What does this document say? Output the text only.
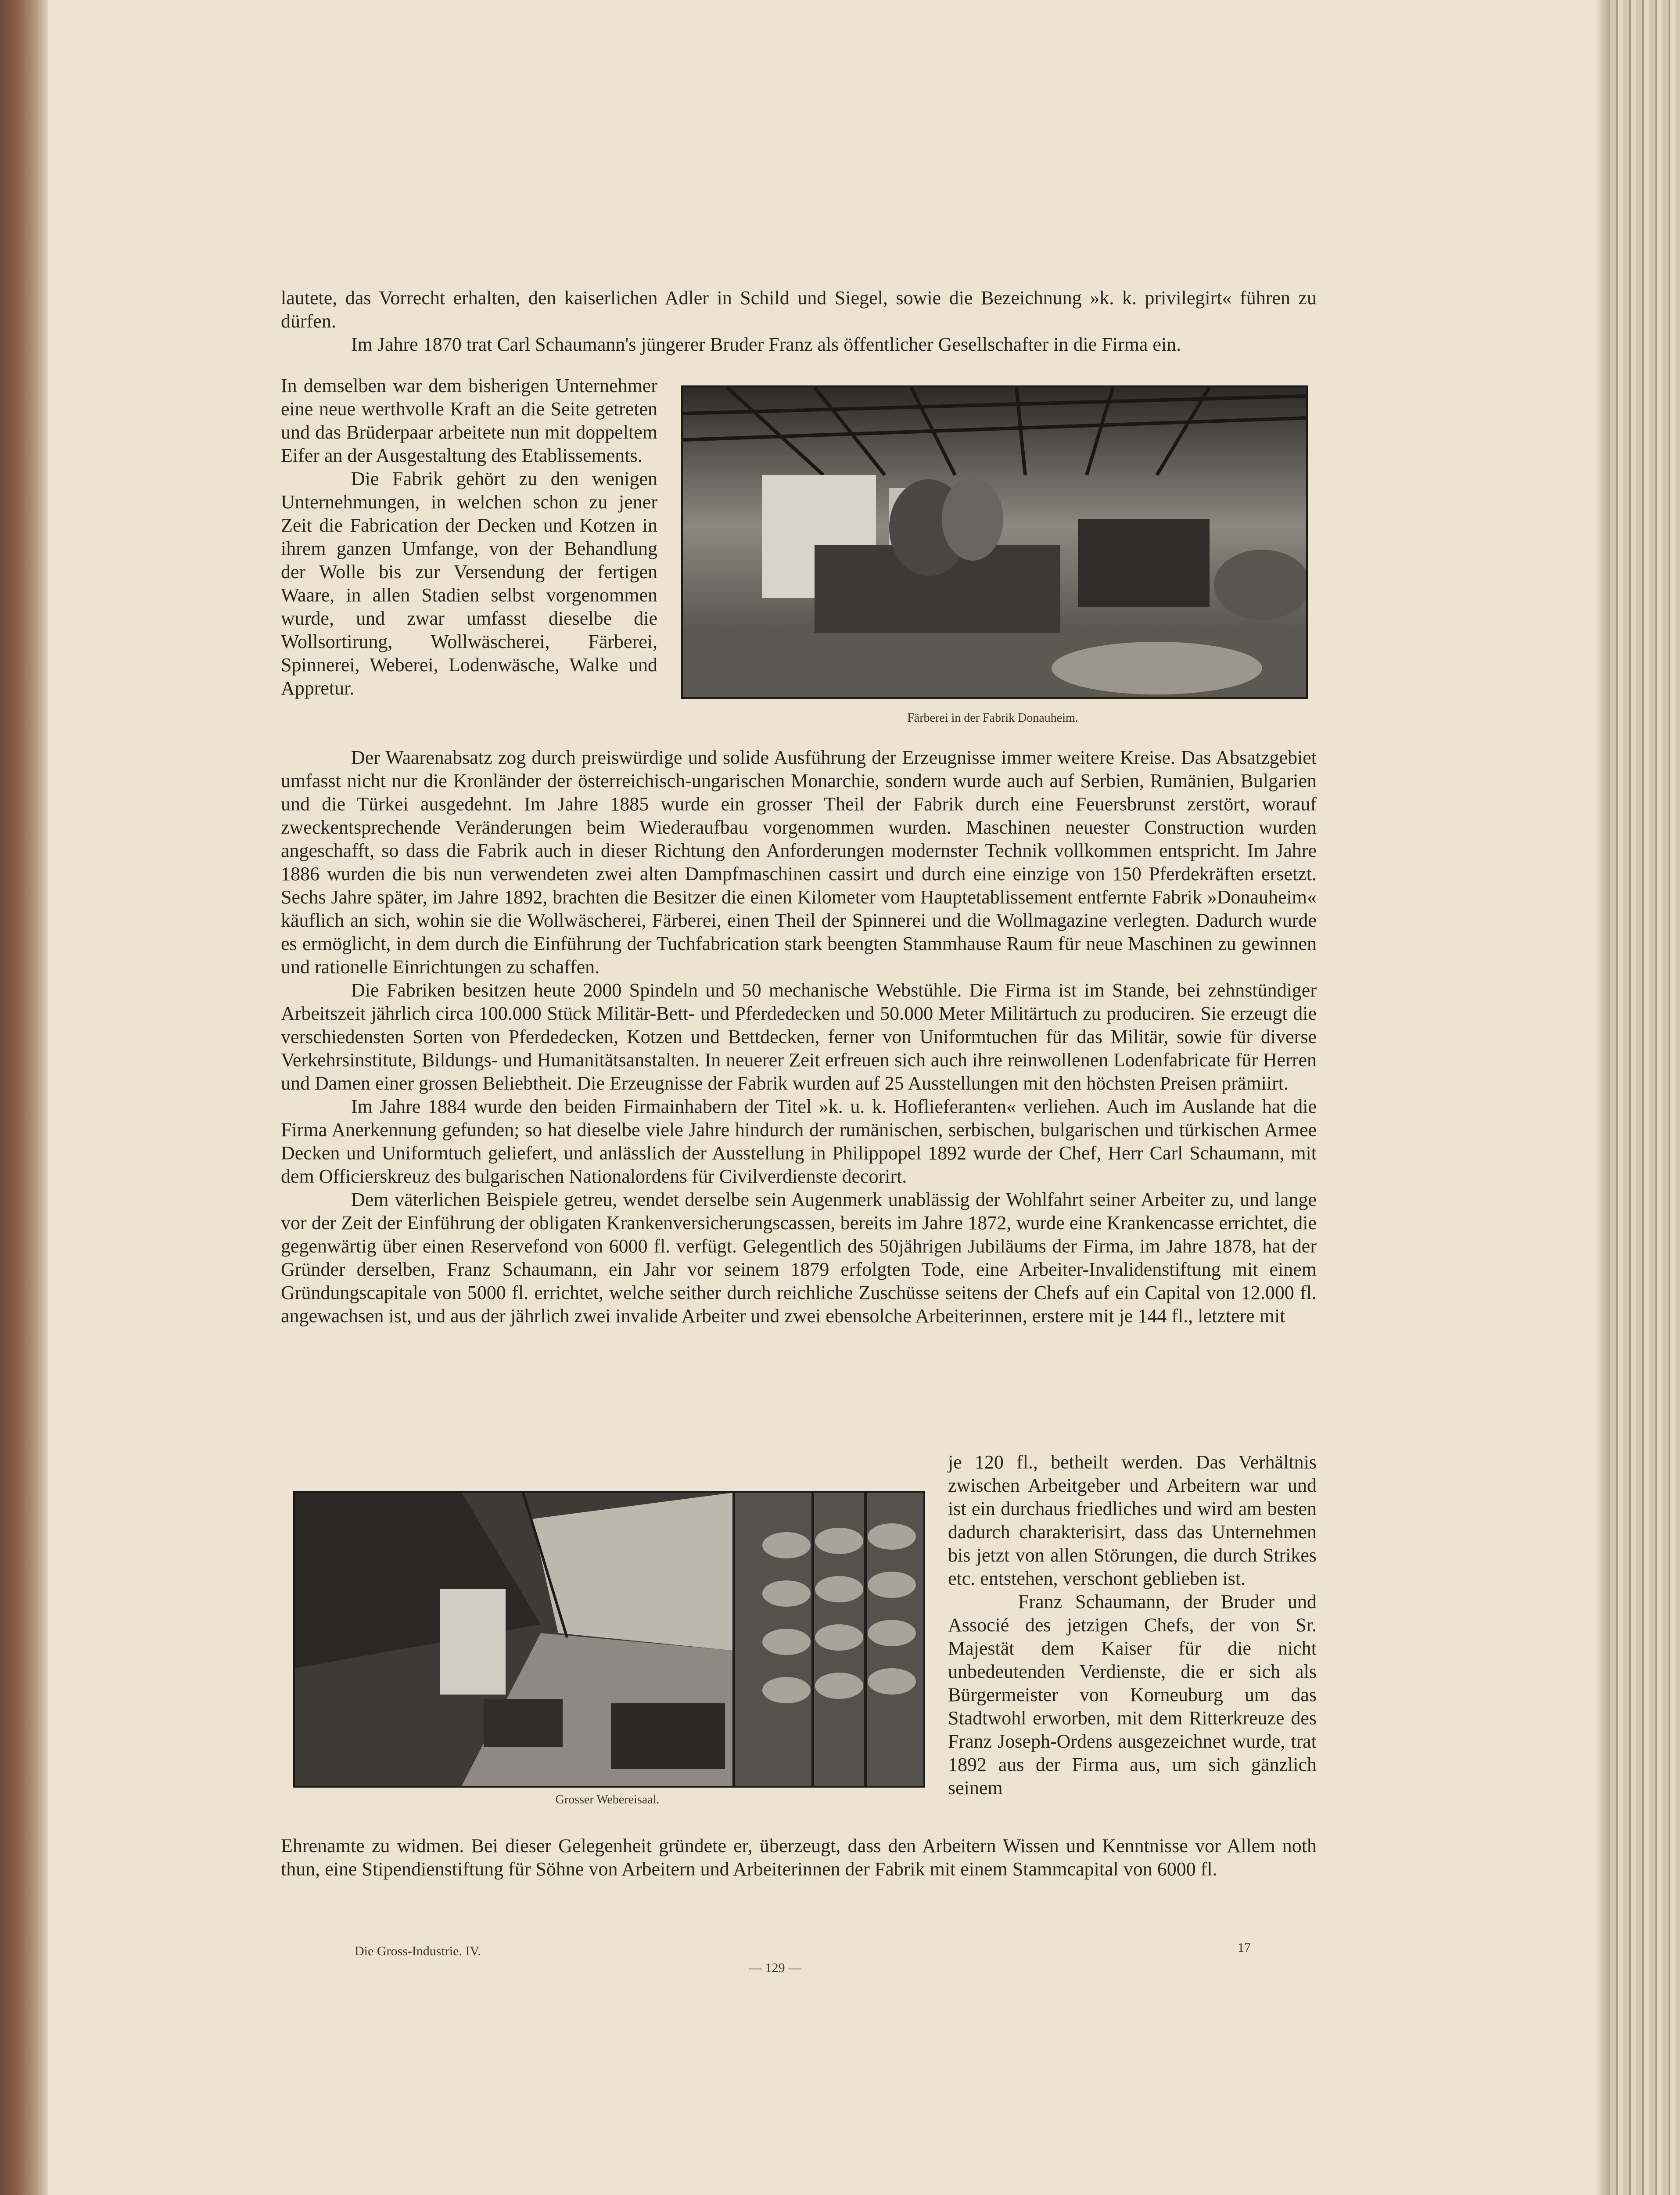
lautete, das Vorrecht erhalten, den kaiserlichen Adler in Schild und Siegel, sowie die Bezeichnung »k. k. privilegirt« führen zu dürfen.

Im Jahre 1870 trat Carl Schaumann's jüngerer Bruder Franz als öffentlicher Gesellschafter in die Firma ein.

In demselben war dem bisherigen Unternehmer eine neue werthvolle Kraft an die Seite getreten und das Brüderpaar arbeitete nun mit doppeltem Eifer an der Ausgestaltung des Etablissements.

Die Fabrik gehört zu den wenigen Unternehmungen, in welchen schon zu jener Zeit die Fabrication der Decken und Kotzen in ihrem ganzen Umfange, von der Behandlung der Wolle bis zur Versendung der fertigen Waare, in allen Stadien selbst vorgenommen wurde, und zwar umfasst dieselbe die Wollsortirung, Wollwäscherei, Färberei, Spinnerei, Weberei, Lodenwäsche, Walke und Appretur.

Färberei in der Fabrik Donauheim.

Der Waarenabsatz zog durch preiswürdige und solide Ausführung der Erzeugnisse immer weitere Kreise. Das Absatzgebiet umfasst nicht nur die Kronländer der österreichisch-ungarischen Monarchie, sondern wurde auch auf Serbien, Rumänien, Bulgarien und die Türkei ausgedehnt. Im Jahre 1885 wurde ein grosser Theil der Fabrik durch eine Feuersbrunst zerstört, worauf zweckentsprechende Veränderungen beim Wiederaufbau vorgenommen wurden. Maschinen neuester Construction wurden angeschafft, so dass die Fabrik auch in dieser Richtung den Anforderungen modernster Technik vollkommen entspricht. Im Jahre 1886 wurden die bis nun verwendeten zwei alten Dampfmaschinen cassirt und durch eine einzige von 150 Pferdekräften ersetzt. Sechs Jahre später, im Jahre 1892, brachten die Besitzer die einen Kilometer vom Hauptetablissement entfernte Fabrik »Donauheim« käuflich an sich, wohin sie die Wollwäscherei, Färberei, einen Theil der Spinnerei und die Wollmagazine verlegten. Dadurch wurde es ermöglicht, in dem durch die Einführung der Tuchfabrication stark beengten Stammhause Raum für neue Maschinen zu gewinnen und rationelle Einrichtungen zu schaffen.

Die Fabriken besitzen heute 2000 Spindeln und 50 mechanische Webstühle. Die Firma ist im Stande, bei zehnstündiger Arbeitszeit jährlich circa 100.000 Stück Militär-Bett- und Pferdedecken und 50.000 Meter Militärtuch zu produciren. Sie erzeugt die verschiedensten Sorten von Pferdedecken, Kotzen und Bettdecken, ferner von Uniformtuchen für das Militär, sowie für diverse Verkehrsinstitute, Bildungs- und Humanitätsanstalten. In neuerer Zeit erfreuen sich auch ihre reinwollenen Lodenfabricate für Herren und Damen einer grossen Beliebtheit. Die Erzeugnisse der Fabrik wurden auf 25 Ausstellungen mit den höchsten Preisen prämiirt.

Im Jahre 1884 wurde den beiden Firmainhabern der Titel »k. u. k. Hoflieferanten« verliehen. Auch im Auslande hat die Firma Anerkennung gefunden; so hat dieselbe viele Jahre hindurch der rumänischen, serbischen, bulgarischen und türkischen Armee Decken und Uniformtuch geliefert, und anlässlich der Ausstellung in Philippopel 1892 wurde der Chef, Herr Carl Schaumann, mit dem Officierskreuz des bulgarischen Nationalordens für Civilverdienste decorirt.

Dem väterlichen Beispiele getreu, wendet derselbe sein Augenmerk unablässig der Wohlfahrt seiner Arbeiter zu, und lange vor der Zeit der Einführung der obligaten Krankenversicherungscassen, bereits im Jahre 1872, wurde eine Krankencasse errichtet, die gegenwärtig über einen Reservefond von 6000 fl. verfügt. Gelegentlich des 50jährigen Jubiläums der Firma, im Jahre 1878, hat der Gründer derselben, Franz Schaumann, ein Jahr vor seinem 1879 erfolgten Tode, eine Arbeiter-Invalidenstiftung mit einem Gründungscapitale von 5000 fl. errichtet, welche seither durch reichliche Zuschüsse seitens der Chefs auf ein Capital von 12.000 fl. angewachsen ist, und aus der jährlich zwei invalide Arbeiter und zwei ebensolche Arbeiterinnen, erstere mit je 144 fl., letztere mit

Grosser Webereisaal.

je 120 fl., betheilt werden. Das Verhältnis zwischen Arbeitgeber und Arbeitern war und ist ein durchaus friedliches und wird am besten dadurch charakterisirt, dass das Unternehmen bis jetzt von allen Störungen, die durch Strikes etc. entstehen, verschont geblieben ist.

Franz Schaumann, der Bruder und Associé des jetzigen Chefs, der von Sr. Majestät dem Kaiser für die nicht unbedeutenden Verdienste, die er sich als Bürgermeister von Korneuburg um das Stadtwohl erworben, mit dem Ritterkreuze des Franz Joseph-Ordens ausgezeichnet wurde, trat 1892 aus der Firma aus, um sich gänzlich seinem

Ehrenamte zu widmen. Bei dieser Gelegenheit gründete er, überzeugt, dass den Arbeitern Wissen und Kenntnisse vor Allem noth thun, eine Stipendienstiftung für Söhne von Arbeitern und Arbeiterinnen der Fabrik mit einem Stammcapital von 6000 fl.

Die Gross-Industrie. IV.
— 129 —
17
